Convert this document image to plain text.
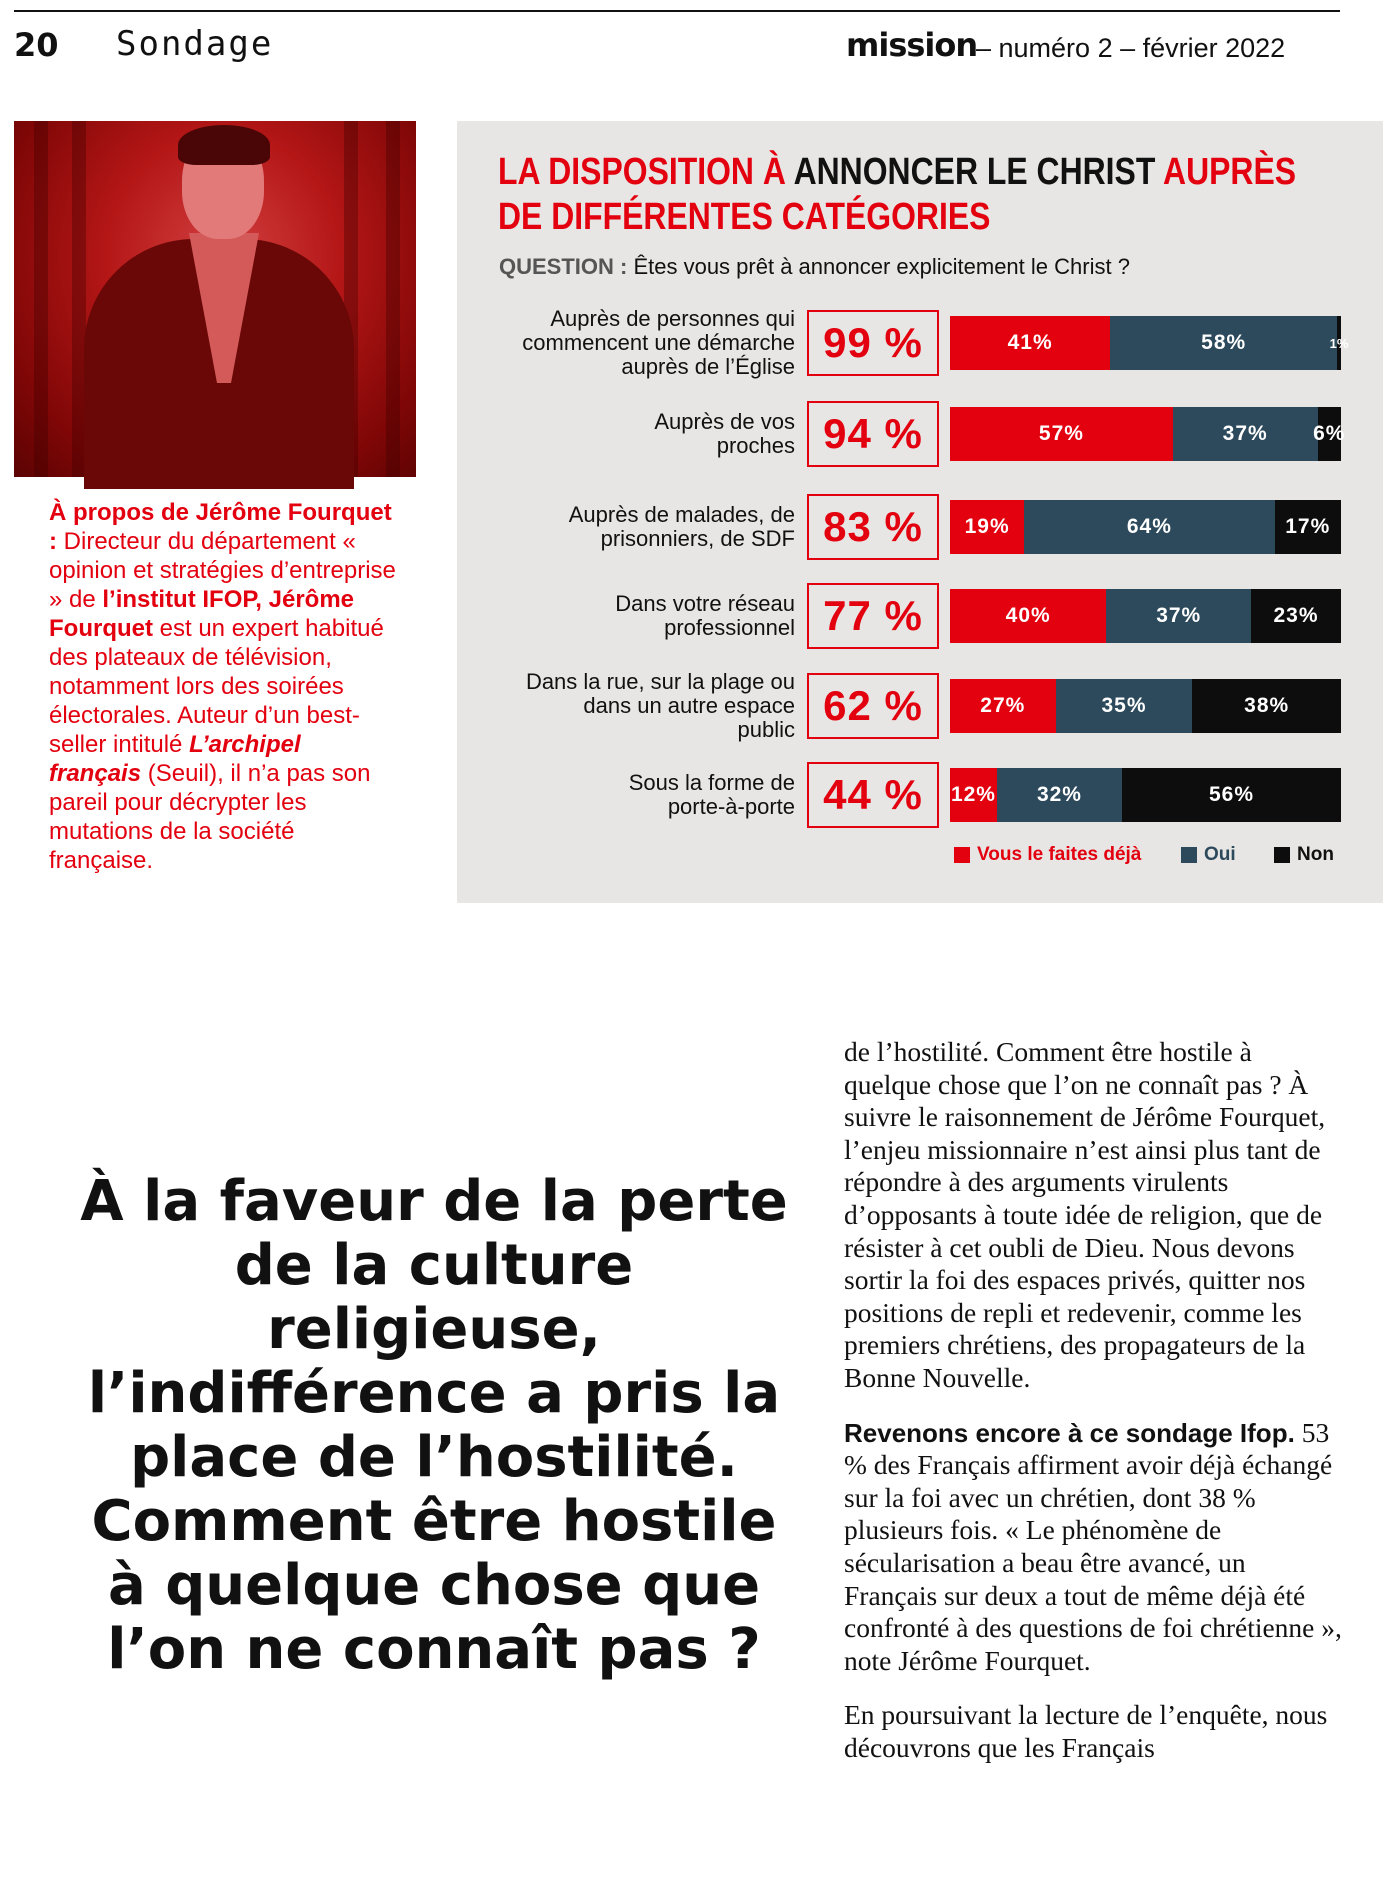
20 Sondage	mission
– numéro 2 – février 2022
À propos de Jérôme Fourquet : Directeur du département « opinion et stratégies d’entreprise » de l’institut IFOP, Jérôme Fourquet est un expert habitué des plateaux de télévision, notamment lors des soirées électorales. Auteur d’un best-seller intitulé L’archipel français (Seuil), il n’a pas son pareil pour décrypter les mutations de la société française.
LA DISPOSITION À ANNONCER LE CHRIST AUPRÈS
DE DIFFÉRENTES CATÉGORIES
QUESTION : Êtes vous prêt à annoncer explicitement le Christ ?
Auprès de personnes qui
commencent une démarche
auprès de l’Église
99 %	41%	58%	1%
Auprès de vos
proches 94 %	57%	37% 6%
Auprès de malades, de
prisonniers, de SDF 83 %	19%	64%	17%
Dans votre réseau
professionnel 77 %	40%	37%	23%
Dans la rue, sur la plage ou
dans un autre espace
public
62 %	27%	35%	38%
Sous la forme de
porte-à-porte 44 %	12% 32%	56%
Vous le faites déjà	Oui	Non
À la faveur de la perte de la culture religieuse, l’indifférence a pris la place de l’hostilité. Comment être hostile à quelque chose que l’on ne connaît pas ?

de l’hostilité. Comment être hostile à quelque chose que l’on ne connaît pas ? À suivre le raisonnement de Jérôme Fourquet, l’enjeu missionnaire n’est ainsi plus tant de répondre à des arguments virulents d’opposants à toute idée de religion, que de résister à cet oubli de Dieu. Nous devons sortir la foi des espaces privés, quitter nos positions de repli et redevenir, comme les premiers chrétiens, des propagateurs de la Bonne Nouvelle.

Revenons encore à ce sondage Ifop. 53 % des Français affirment avoir déjà échangé sur la foi avec un chrétien, dont 38 % plusieurs fois. « Le phénomène de sécularisation a beau être avancé, un Français sur deux a tout de même déjà été confronté à des questions de foi chrétienne », note Jérôme Fourquet.

En poursuivant la lecture de l’enquête, nous découvrons que les Français
